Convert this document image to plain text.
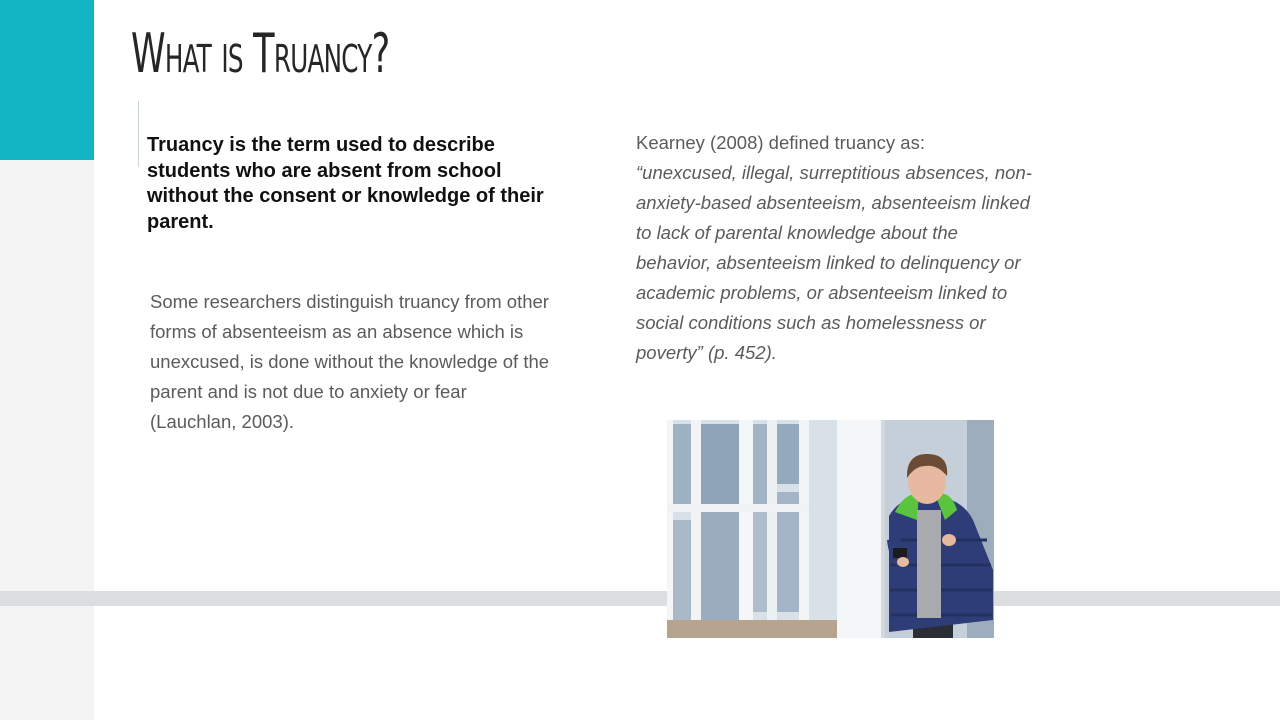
What is Truancy?

Truancy is the term used to describe students who are absent from school without the consent or knowledge of their parent.

Some researchers distinguish truancy from other forms of absenteeism as an absence which is unexcused, is done without the knowledge of the parent and is not due to anxiety or fear (Lauchlan, 2003).

Kearney (2008) defined truancy as:
“unexcused, illegal, surreptitious absences, non-anxiety-based absenteeism, absenteeism linked to lack of parental knowledge about the behavior, absenteeism linked to delinquency or academic problems, or absenteeism linked to social conditions such as homelessness or poverty” (p. 452).
